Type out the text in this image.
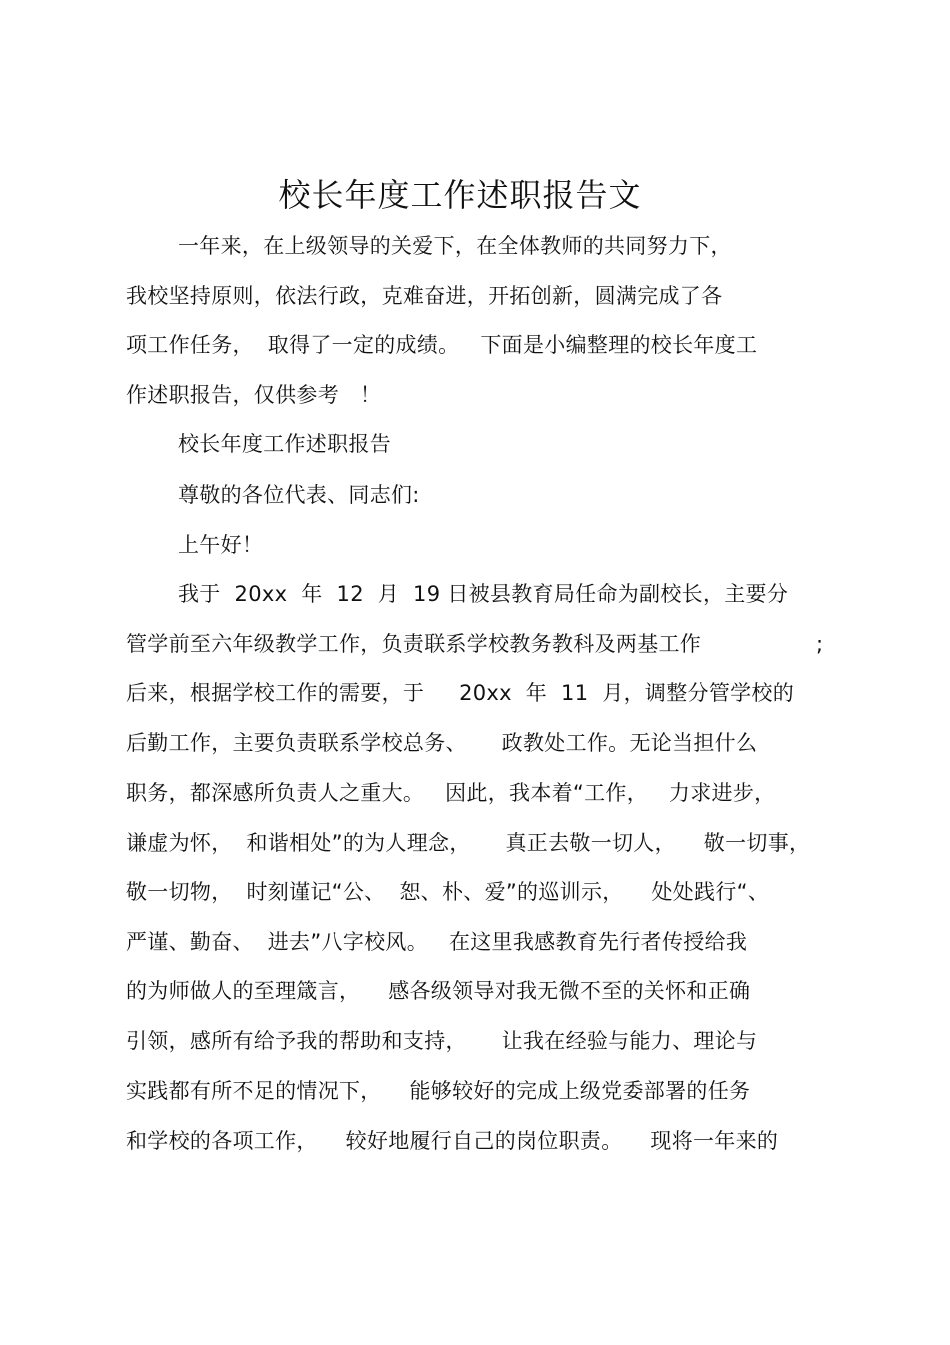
校长年度工作述职报告文
一年来，在上级领导的关爱下，在全体教师的共同努力下，
我校坚持原则，依法行政，克难奋进，开拓创新，圆满完成了各
项工作任务，  取得了一定的成绩。   下面是小编整理的校长年度工
作述职报告，仅供参考   ！
校长年度工作述职报告
尊敬的各位代表、同志们:
上午好！
我于  20xx  年  12  月  19 日被县教育局任命为副校长，主要分
管学前至六年级教学工作，负责联系学校教务教科及两基工作	;
后来，根据学校工作的需要，于     20xx  年  11  月，调整分管学校的
后勤工作，主要负责联系学校总务、     政教处工作。无论当担什么
职务，都深感所负责人之重大。   因此，我本着“工作，   力求进步，
谦虚为怀，  和谐相处”的为人理念，     真正去敬一切人，    敬一切事，
敬一切物，  时刻谨记“公、  恕、朴、爱”的巡训示，    处处践行“、
严谨、勤奋、  进去”八字校风。   在这里我感教育先行者传授给我
的为师做人的至理箴言，    感各级领导对我无微不至的关怀和正确
引领，感所有给予我的帮助和支持，     让我在经验与能力、理论与
实践都有所不足的情况下，    能够较好的完成上级党委部署的任务
和学校的各项工作，    较好地履行自己的岗位职责。    现将一年来的
